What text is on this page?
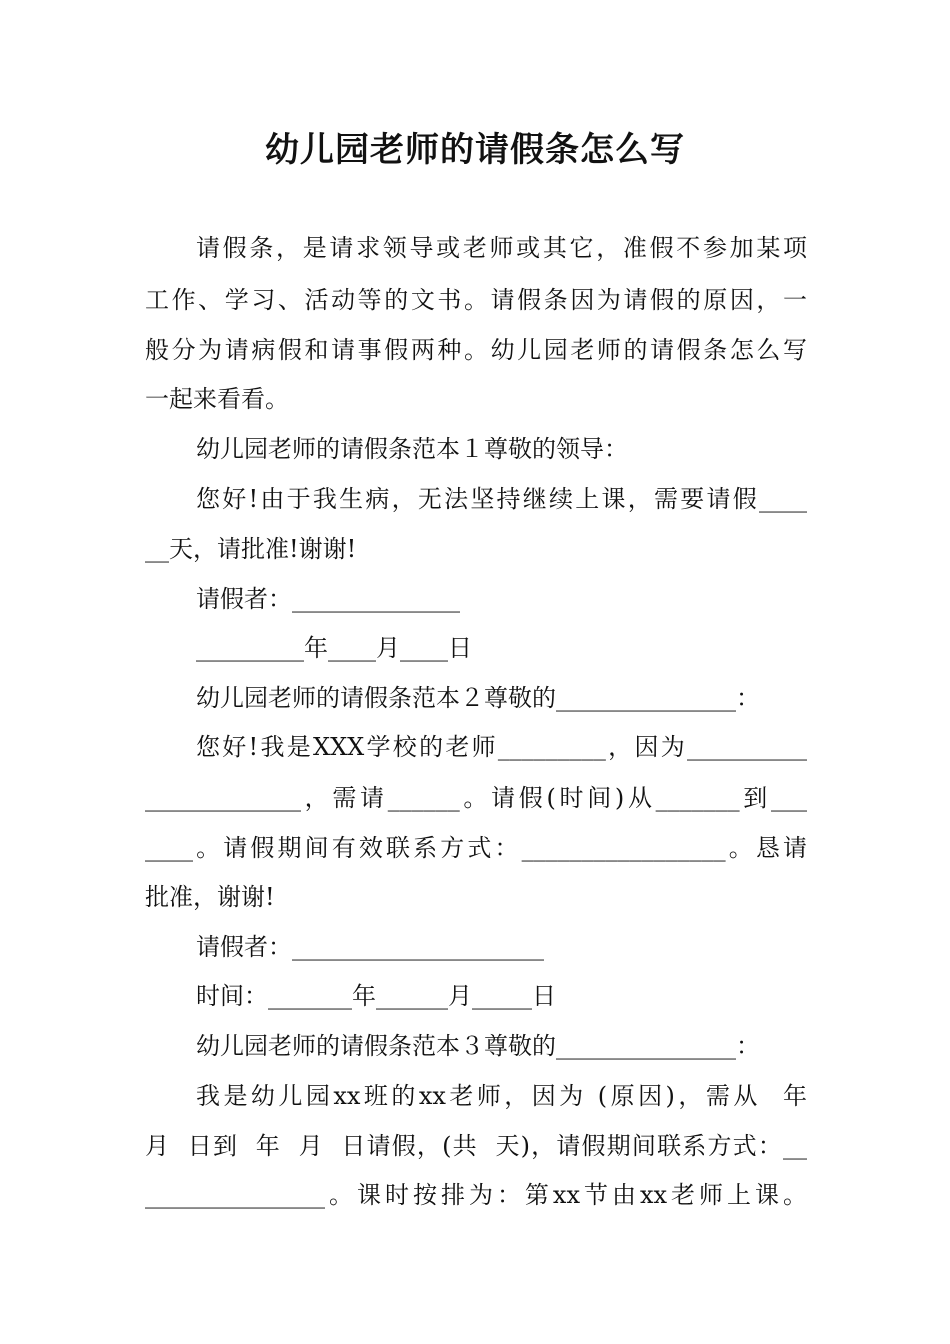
幼儿园老师的请假条怎么写
请假条，是请求领导或老师或其它，准假不参加某项
工作、学习、活动等的文书。请假条因为请假的原因，一
般分为请病假和请事假两种。幼儿园老师的请假条怎么写
一起来看看。
幼儿园老师的请假条范本１尊敬的领导：
您好!由于我生病，无法坚持继续上课，需要请假____
__天，请批准!谢谢!
请假者：______________
_________年____月____日
幼儿园老师的请假条范本２尊敬的_______________：
您好!我是XXX学校的老师_________，因为__________
_____________，需请______。请假(时间)从_______到___
____。请假期间有效联系方式：_________________。恳请
批准，谢谢!
请假者：_____________________
时间：_______年______月_____日
幼儿园老师的请假条范本３尊敬的_______________：
我是幼儿园xx班的xx老师，因为 (原因)，需从  年
月  日到  年  月  日请假，(共  天)，请假期间联系方式：__
_______________。课时按排为：第xx节由xx老师上课。
